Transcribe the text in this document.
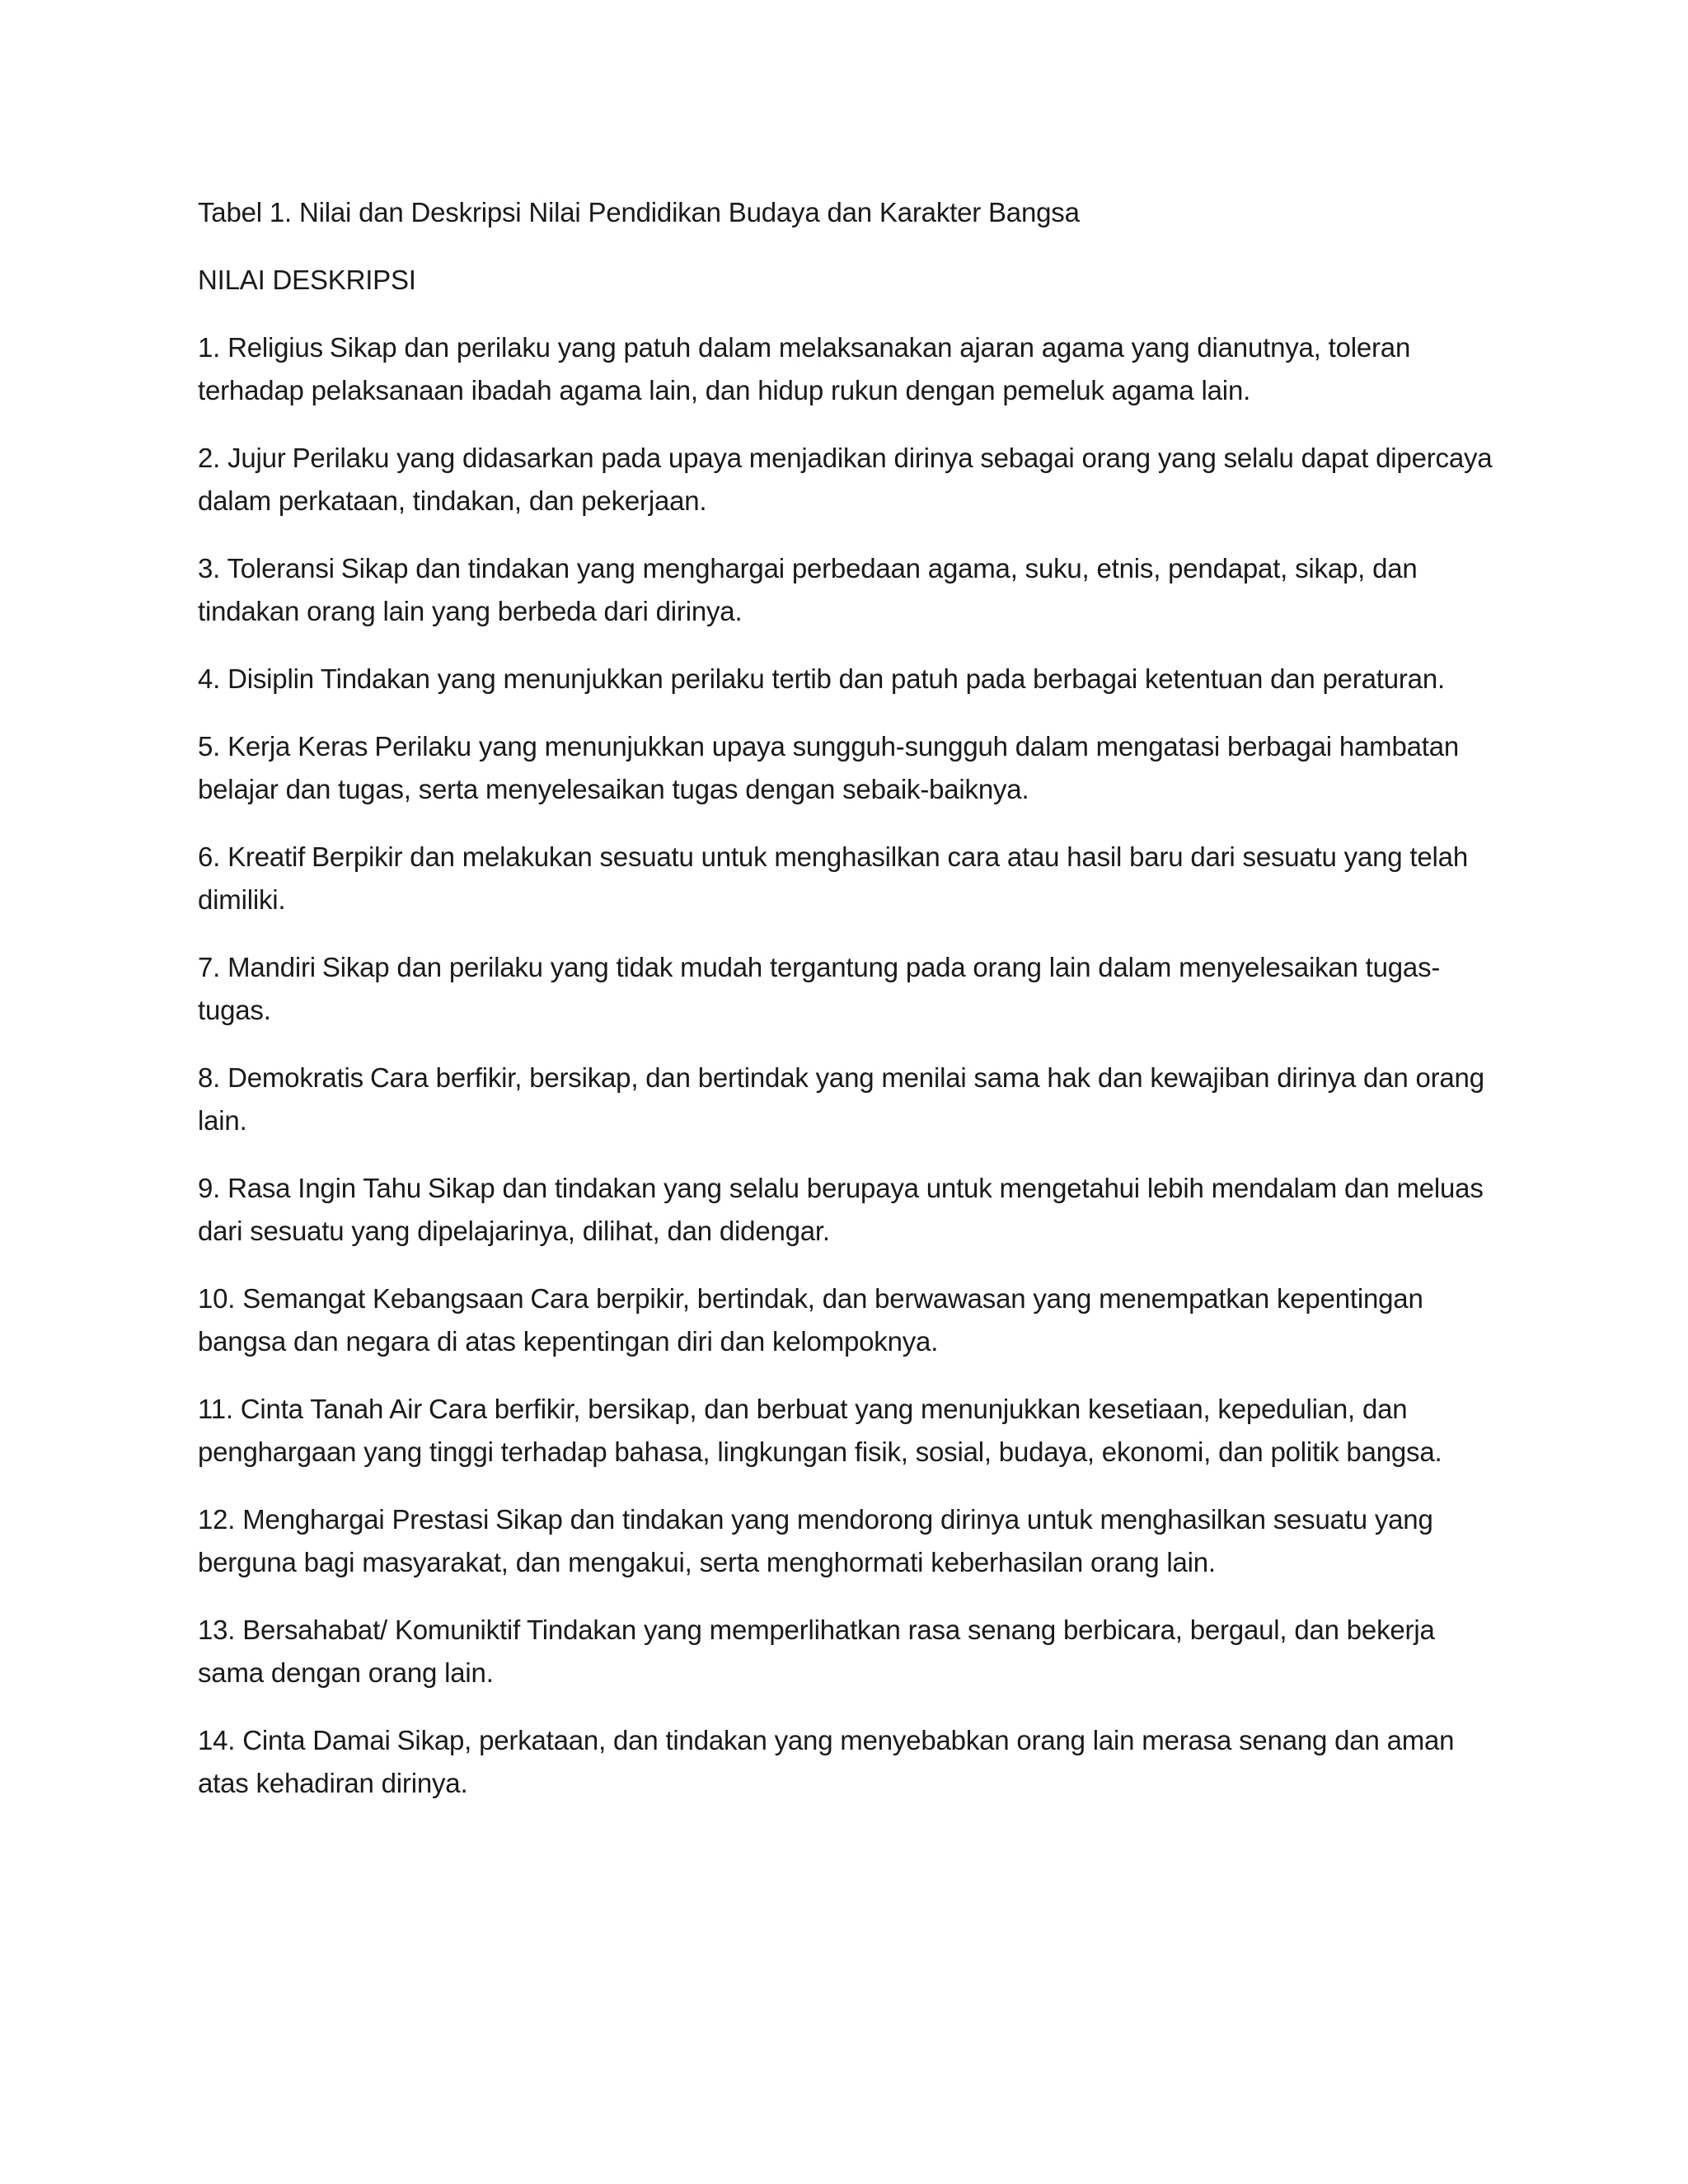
Tabel 1. Nilai dan Deskripsi Nilai Pendidikan Budaya dan Karakter Bangsa

NILAI DESKRIPSI

1. Religius Sikap dan perilaku yang patuh dalam melaksanakan ajaran agama yang dianutnya, toleran terhadap pelaksanaan ibadah agama lain, dan hidup rukun dengan pemeluk agama lain.

2. Jujur Perilaku yang didasarkan pada upaya menjadikan dirinya sebagai orang yang selalu dapat dipercaya dalam perkataan, tindakan, dan pekerjaan.

3. Toleransi Sikap dan tindakan yang menghargai perbedaan agama, suku, etnis, pendapat, sikap, dan tindakan orang lain yang berbeda dari dirinya.

4. Disiplin Tindakan yang menunjukkan perilaku tertib dan patuh pada berbagai ketentuan dan peraturan.

5. Kerja Keras Perilaku yang menunjukkan upaya sungguh-sungguh dalam mengatasi berbagai hambatan belajar dan tugas, serta menyelesaikan tugas dengan sebaik-baiknya.

6. Kreatif Berpikir dan melakukan sesuatu untuk menghasilkan cara atau hasil baru dari sesuatu yang telah dimiliki.

7. Mandiri Sikap dan perilaku yang tidak mudah tergantung pada orang lain dalam menyelesaikan tugas-tugas.

8. Demokratis Cara berfikir, bersikap, dan bertindak yang menilai sama hak dan kewajiban dirinya dan orang lain.

9. Rasa Ingin Tahu Sikap dan tindakan yang selalu berupaya untuk mengetahui lebih mendalam dan meluas dari sesuatu yang dipelajarinya, dilihat, dan didengar.

10. Semangat Kebangsaan Cara berpikir, bertindak, dan berwawasan yang menempatkan kepentingan bangsa dan negara di atas kepentingan diri dan kelompoknya.

11. Cinta Tanah Air Cara berfikir, bersikap, dan berbuat yang menunjukkan kesetiaan, kepedulian, dan penghargaan yang tinggi terhadap bahasa, lingkungan fisik, sosial, budaya, ekonomi, dan politik bangsa.

12. Menghargai Prestasi Sikap dan tindakan yang mendorong dirinya untuk menghasilkan sesuatu yang berguna bagi masyarakat, dan mengakui, serta menghormati keberhasilan orang lain.

13. Bersahabat/ Komuniktif Tindakan yang memperlihatkan rasa senang berbicara, bergaul, dan bekerja sama dengan orang lain.

14. Cinta Damai Sikap, perkataan, dan tindakan yang menyebabkan orang lain merasa senang dan aman atas kehadiran dirinya.
